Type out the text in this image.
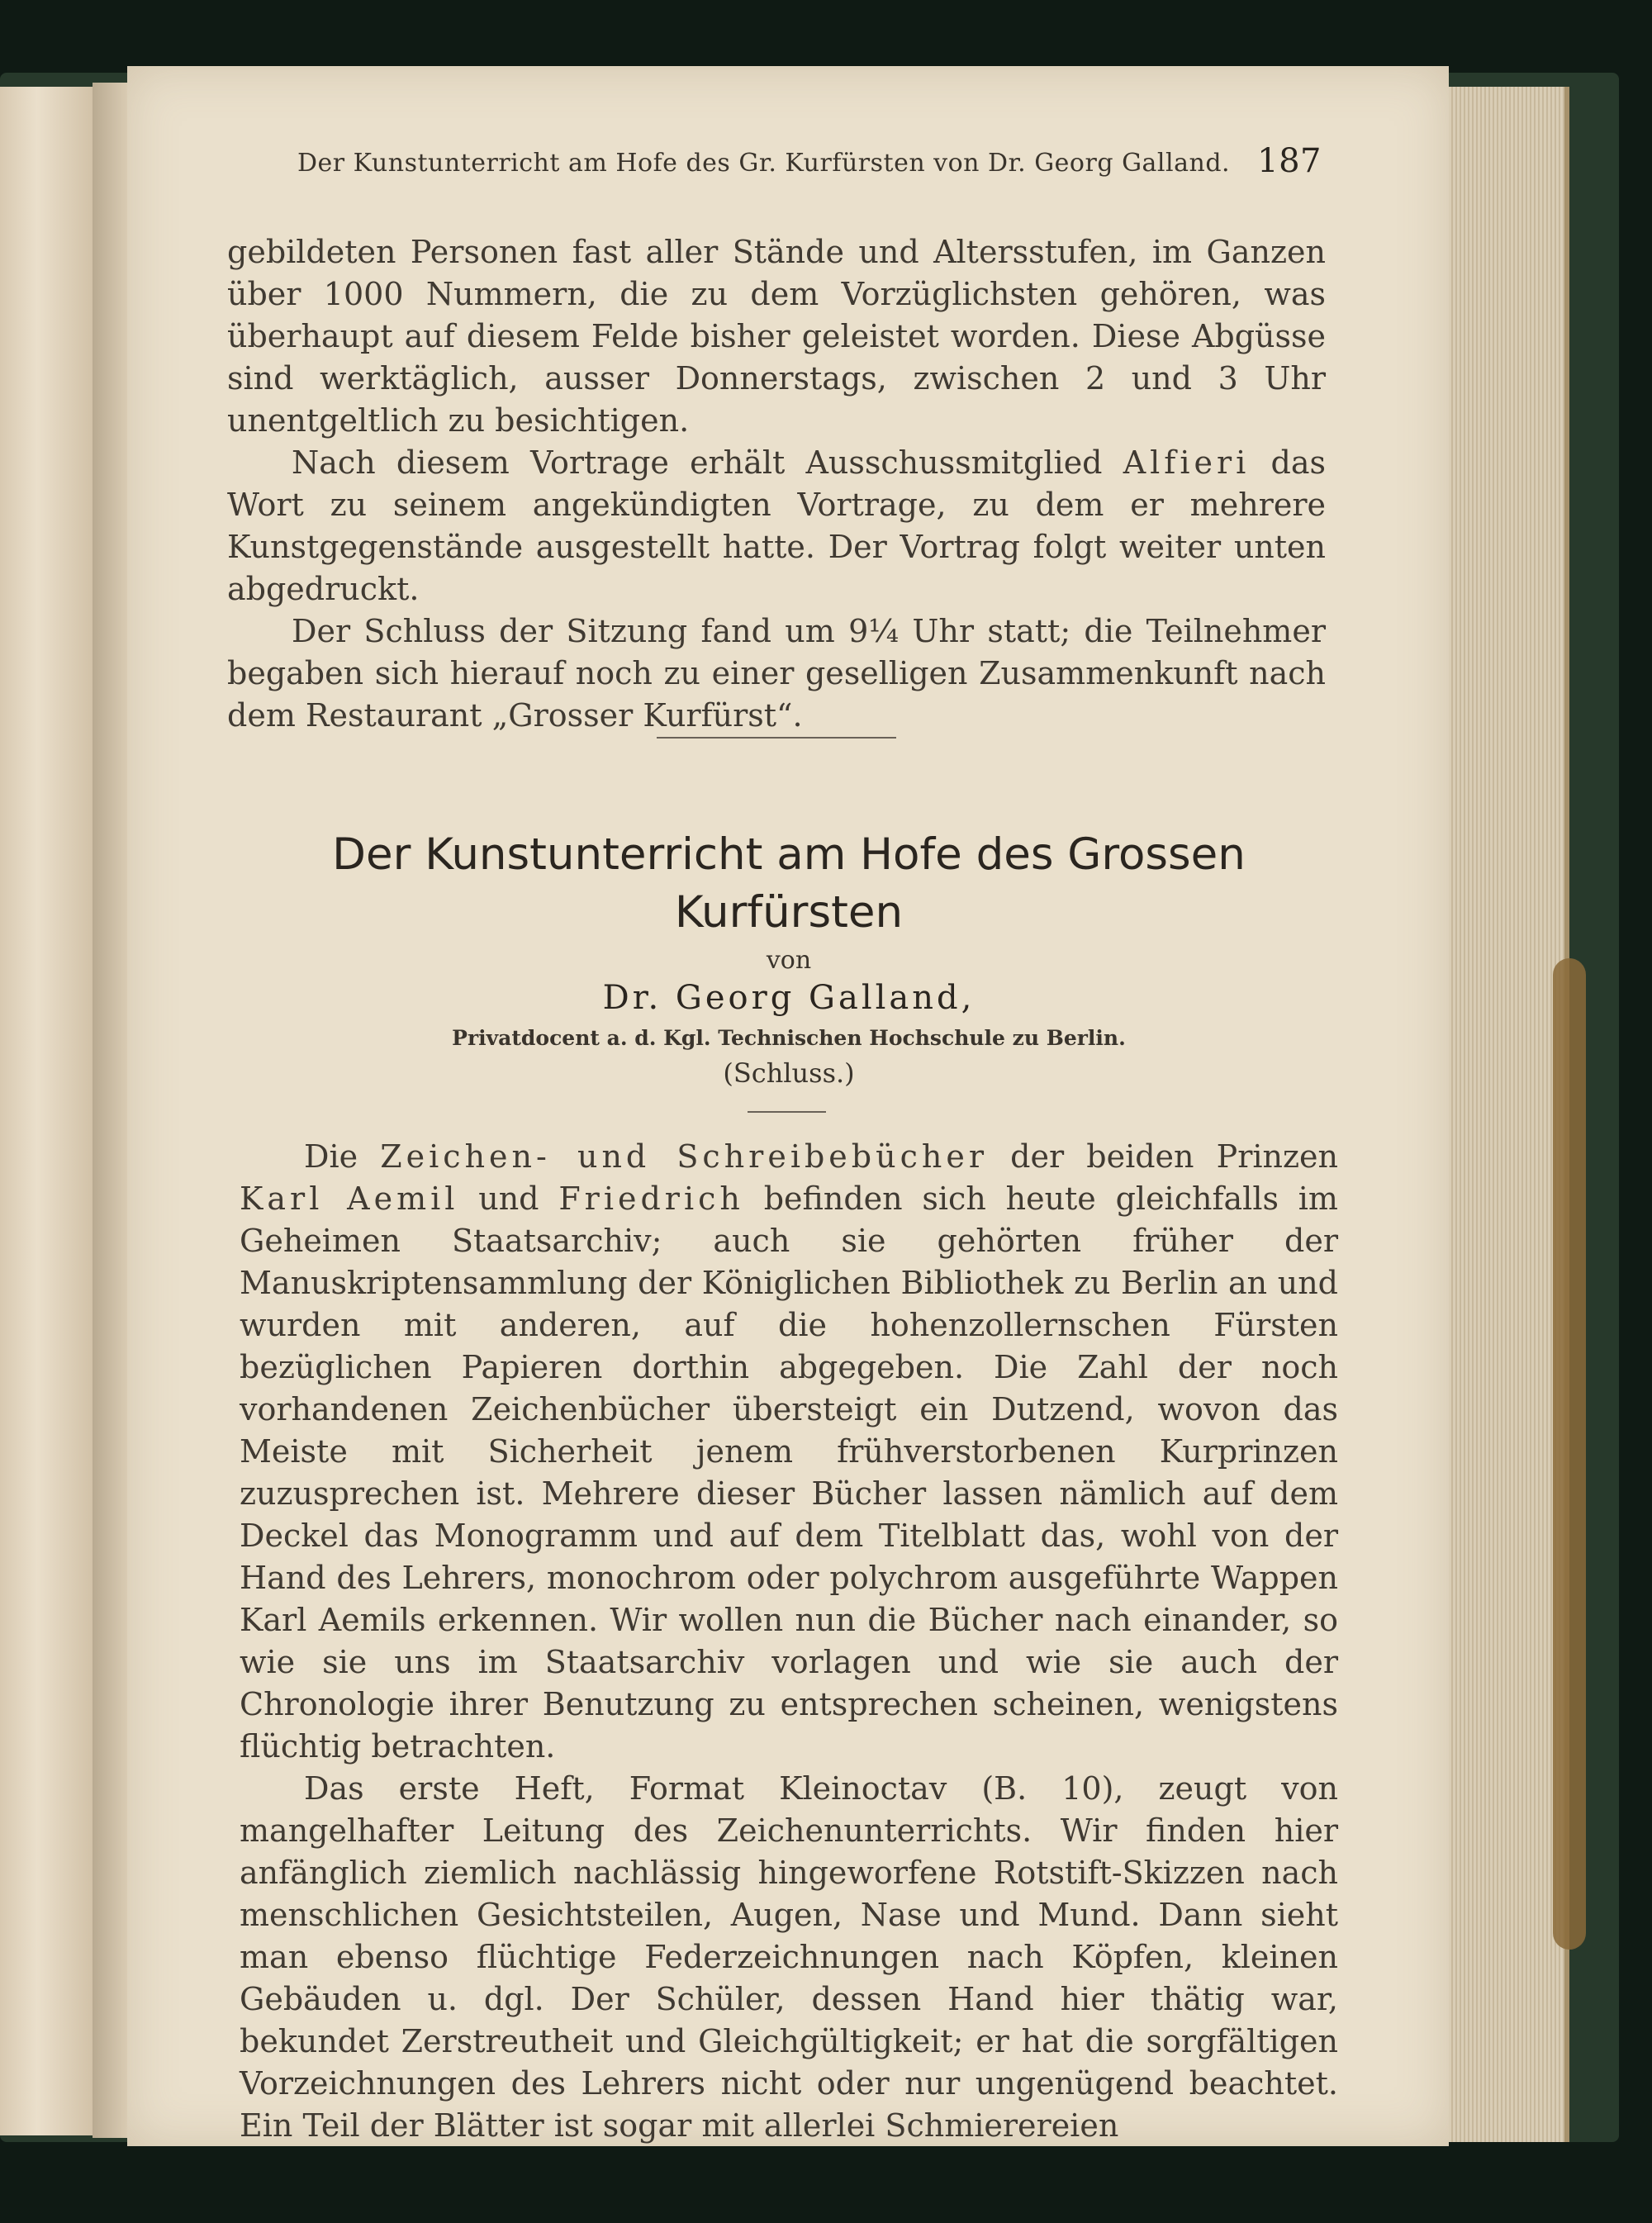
Der Kunstunterricht am Hofe des Gr. Kurfürsten von Dr. Georg Galland. 187

gebildeten Personen fast aller Stände und Altersstufen, im Ganzen über 1000 Nummern, die zu dem Vorzüglichsten gehören, was überhaupt auf diesem Felde bisher geleistet worden. Diese Abgüsse sind werktäglich, ausser Donnerstags, zwischen 2 und 3 Uhr unentgeltlich zu besichtigen.

Nach diesem Vortrage erhält Ausschussmitglied Alfieri das Wort zu seinem angekündigten Vortrage, zu dem er mehrere Kunstgegenstände ausgestellt hatte. Der Vortrag folgt weiter unten abgedruckt.

Der Schluss der Sitzung fand um 9¼ Uhr statt; die Teilnehmer begaben sich hierauf noch zu einer geselligen Zusammenkunft nach dem Restaurant „Grosser Kurfürst“.

Der Kunstunterricht am Hofe des Grossen
Kurfürsten
von
Dr. Georg Galland,
Privatdocent a. d. Kgl. Technischen Hochschule zu Berlin.
(Schluss.)

Die Zeichen- und Schreibebücher der beiden Prinzen Karl Aemil und Friedrich befinden sich heute gleichfalls im Geheimen Staatsarchiv; auch sie gehörten früher der Manuskriptensammlung der Königlichen Bibliothek zu Berlin an und wurden mit anderen, auf die hohenzollernschen Fürsten bezüglichen Papieren dorthin abgegeben. Die Zahl der noch vorhandenen Zeichenbücher übersteigt ein Dutzend, wovon das Meiste mit Sicherheit jenem frühverstorbenen Kurprinzen zuzusprechen ist. Mehrere dieser Bücher lassen nämlich auf dem Deckel das Monogramm und auf dem Titelblatt das, wohl von der Hand des Lehrers, monochrom oder polychrom ausgeführte Wappen Karl Aemils erkennen. Wir wollen nun die Bücher nach einander, so wie sie uns im Staatsarchiv vorlagen und wie sie auch der Chronologie ihrer Benutzung zu entsprechen scheinen, wenigstens flüchtig betrachten.

Das erste Heft, Format Kleinoctav (B. 10), zeugt von mangelhafter Leitung des Zeichenunterrichts. Wir finden hier anfänglich ziemlich nachlässig hingeworfene Rotstift-Skizzen nach menschlichen Gesichtsteilen, Augen, Nase und Mund. Dann sieht man ebenso flüchtige Federzeichnungen nach Köpfen, kleinen Gebäuden u. dgl. Der Schüler, dessen Hand hier thätig war, bekundet Zerstreutheit und Gleichgültigkeit; er hat die sorgfältigen Vorzeichnungen des Lehrers nicht oder nur ungenügend beachtet. Ein Teil der Blätter ist sogar mit allerlei Schmierereien
